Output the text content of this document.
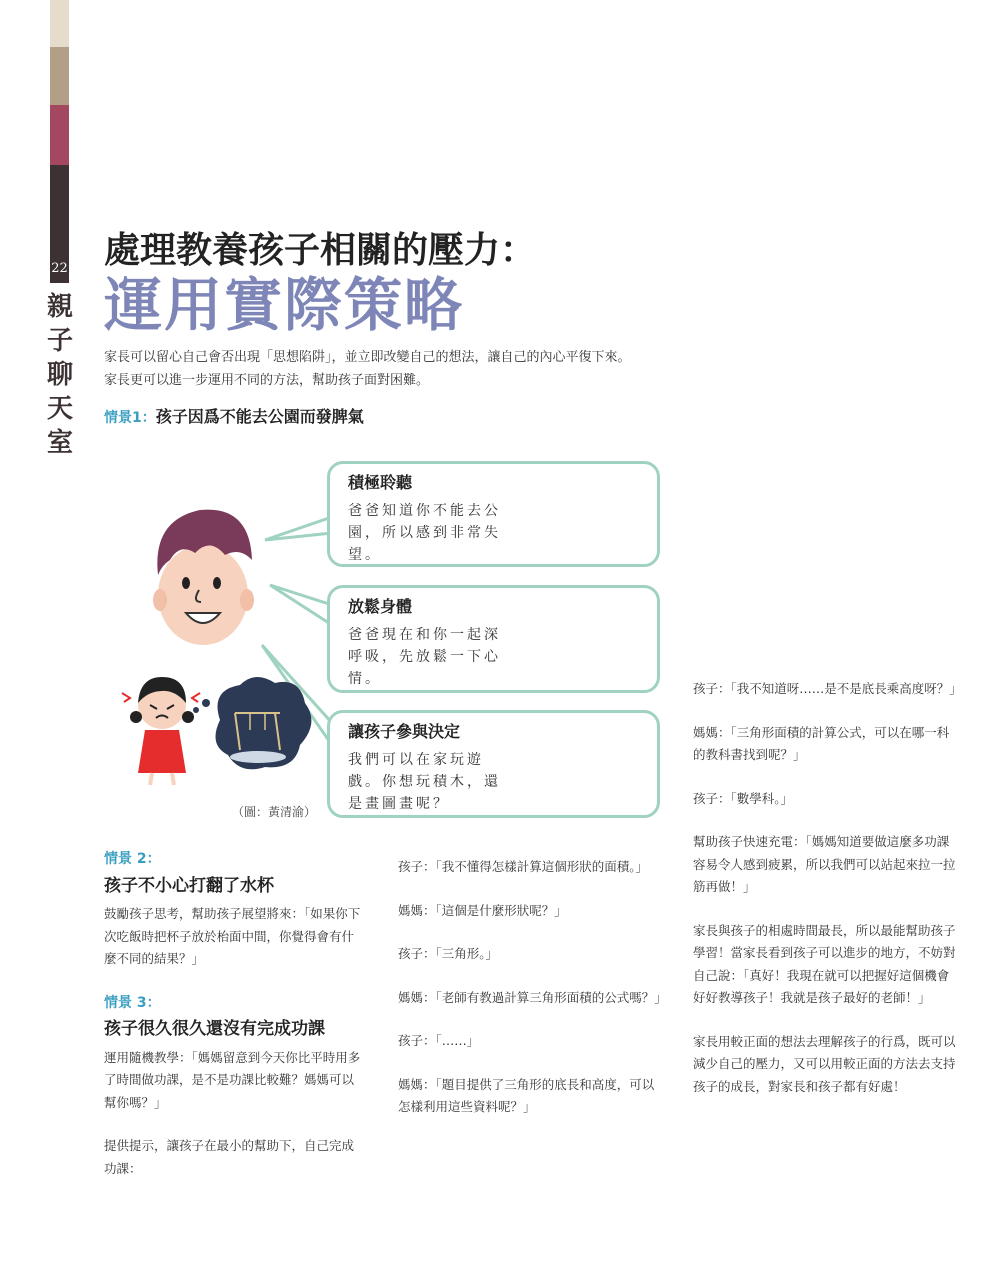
22
親子聊天室
處理教養孩子相關的壓力：
運用實際策略
家長可以留心自己會否出現「思想陷阱」，並立即改變自己的想法，讓自己的內心平復下來。
家長更可以進一步運用不同的方法，幫助孩子面對困難。
情景1：孩子因爲不能去公園而發脾氣
積極聆聽
爸爸知道你不能去公園，所以感到非常失望。
放鬆身體
爸爸現在和你一起深呼吸，先放鬆一下心情。
讓孩子參與決定
我們可以在家玩遊戲。你想玩積木，還是畫圖畫呢？
（圖：黃清渝）
情景 2：
孩子不小心打翻了水杯

鼓勵孩子思考，幫助孩子展望將來：「如果你下次吃飯時把杯子放於枱面中間，你覺得會有什麼不同的結果？」

情景 3：
孩子很久很久還沒有完成功課

運用隨機教學：「媽媽留意到今天你比平時用多了時間做功課，是不是功課比較難？媽媽可以幫你嗎？」

提供提示，讓孩子在最小的幫助下，自己完成功課：

孩子：「我不懂得怎樣計算這個形狀的面積。」

媽媽：「這個是什麼形狀呢？」

孩子：「三角形。」

媽媽：「老師有教過計算三角形面積的公式嗎？」

孩子：「……」

媽媽：「題目提供了三角形的底長和高度，可以怎樣利用這些資料呢？」

孩子：「我不知道呀……是不是底長乘高度呀？」

媽媽：「三角形面積的計算公式，可以在哪一科的教科書找到呢？」

孩子：「數學科。」

幫助孩子快速充電：「媽媽知道要做這麼多功課容易令人感到疲累，所以我們可以站起來拉一拉筋再做！」

家長與孩子的相處時間最長，所以最能幫助孩子學習！當家長看到孩子可以進步的地方，不妨對自己說：「真好！我現在就可以把握好這個機會好好教導孩子！我就是孩子最好的老師！」

家長用較正面的想法去理解孩子的行爲，既可以減少自己的壓力，又可以用較正面的方法去支持孩子的成長，對家長和孩子都有好處！
